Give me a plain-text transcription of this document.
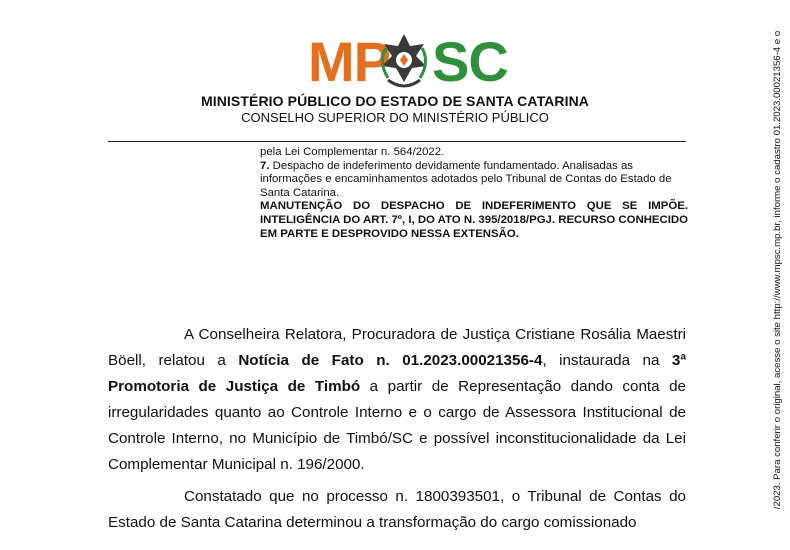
MP SC
MINISTÉRIO PÚBLICO DO ESTADO DE SANTA CATARINA
CONSELHO SUPERIOR DO MINISTÉRIO PÚBLICO

pela Lei Complementar n. 564/2022.

7. Despacho de indeferimento devidamente fundamentado. Analisadas as informações e encaminhamentos adotados pelo Tribunal de Contas do Estado de Santa Catarina.

MANUTENÇÃO DO DESPACHO DE INDEFERIMENTO QUE SE IMPÕE. INTELIGÊNCIA DO ART. 7º, I, DO ATO N. 395/2018/PGJ. RECURSO CONHECIDO EM PARTE E DESPROVIDO NESSA EXTENSÃO.

A Conselheira Relatora, Procuradora de Justiça Cristiane Rosália Maestri Böell, relatou a Notícia de Fato n. 01.2023.00021356-4, instaurada na 3ª Promotoria de Justiça de Timbó a partir de Representação dando conta de irregularidades quanto ao Controle Interno e o cargo de Assessora Institucional de Controle Interno, no Município de Timbó/SC e possível inconstitucionalidade da Lei Complementar Municipal n. 196/2000.

Constatado que no processo n. 1800393501, o Tribunal de Contas do Estado de Santa Catarina determinou a transformação do cargo comissionado

/2023. Para conferir o original, acesse o site http://www.mpsc.mp.br, informe o cadastro 01.2023.00021356-4 e o
